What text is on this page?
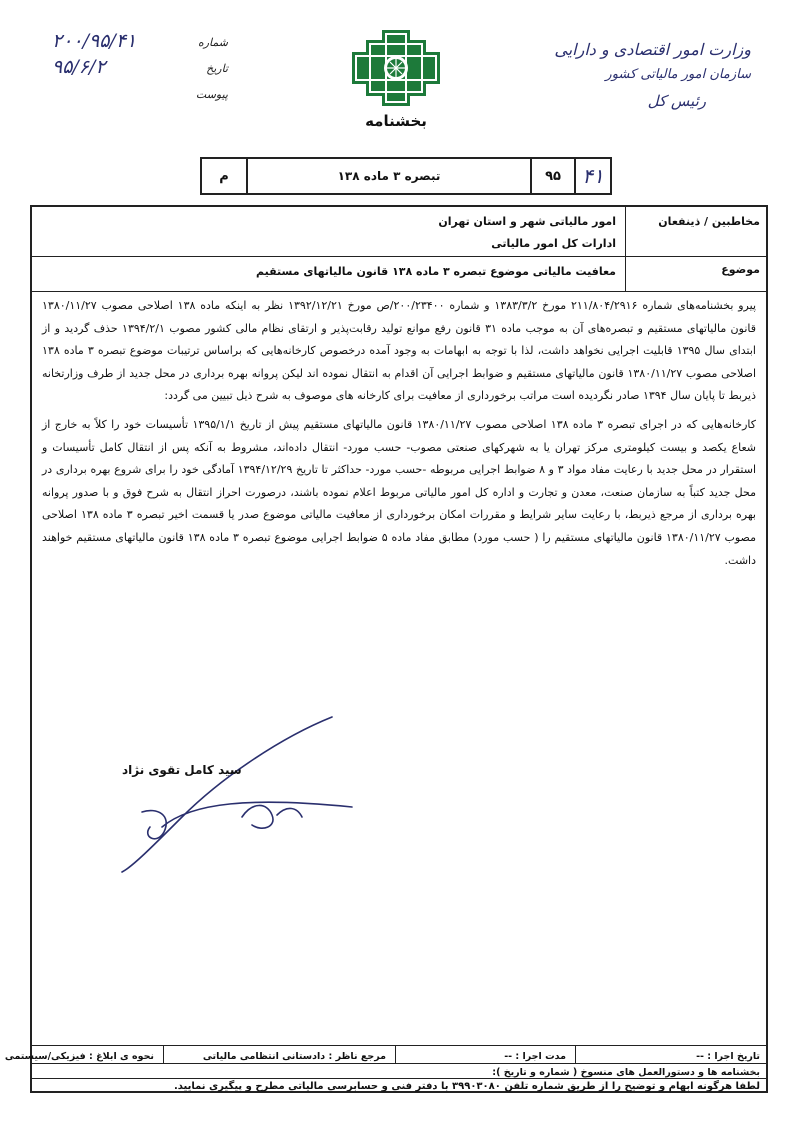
وزارت امور اقتصادی و دارایی
سازمان امور مالیاتی کشور
رئیس کل
بخشنامه
شماره
۲۰۰/۹۵/۴۱
تاریخ
۹۵/۶/۲
پیوست
۴۱
۹۵
تبصره ۳ ماده ۱۳۸
م
مخاطبین / ذینفعان
امور مالیاتی شهر و استان تهران
ادارات کل امور مالیاتی
موضوع
معافیت مالیاتی موضوع تبصره ۳ ماده ۱۳۸ قانون مالیاتهای مستقیم

پیرو بخشنامه‌های شماره ۲۱۱/۸۰۴/۲۹۱۶ مورخ ۱۳۸۳/۳/۲ و شماره ۲۰۰/۲۳۴۰۰/ص مورخ ۱۳۹۲/۱۲/۲۱ نظر به اینکه ماده ۱۳۸ اصلاحی مصوب ۱۳۸۰/۱۱/۲۷ قانون مالیاتهای مستقیم و تبصره‌های آن به موجب ماده ۳۱ قانون رفع موانع تولید رقابت‌پذیر و ارتقای نظام مالی کشور مصوب ۱۳۹۴/۲/۱ حذف گردید و از ابتدای سال ۱۳۹۵ قابلیت اجرایی نخواهد داشت، لذا با توجه به ابهامات به وجود آمده درخصوص کارخانه‌هایی که براساس ترتیبات موضوع تبصره ۳ ماده ۱۳۸ اصلاحی مصوب ۱۳۸۰/۱۱/۲۷ قانون مالیاتهای مستقیم و ضوابط اجرایی آن اقدام به انتقال نموده اند لیکن پروانه بهره برداری در محل جدید از طرف وزارتخانه ذیربط تا پایان سال ۱۳۹۴ صادر نگردیده است مراتب برخورداری از معافیت برای کارخانه های موصوف به شرح ذیل تبیین می گردد:

کارخانه‌هایی که در اجرای تبصره ۳ ماده ۱۳۸ اصلاحی مصوب ۱۳۸۰/۱۱/۲۷ قانون مالیاتهای مستقیم پیش از تاریخ ۱۳۹۵/۱/۱ تأسیسات خود را کلاً به خارج از شعاع یکصد و بیست کیلومتری مرکز تهران یا به شهرکهای صنعتی مصوب- حسب مورد- انتقال داده‌اند، مشروط به آنکه پس از انتقال کامل تأسیسات و استقرار در محل جدید با رعایت مفاد مواد ۳ و ۸ ضوابط اجرایی مربوطه -حسب مورد- حداکثر تا تاریخ ۱۳۹۴/۱۲/۲۹ آمادگی خود را برای شروع بهره برداری در محل جدید کتباً به سازمان صنعت، معدن و تجارت و اداره کل امور مالیاتی مربوط اعلام نموده باشند، درصورت احراز انتقال به شرح فوق و با صدور پروانه بهره برداری از مرجع ذیربط، با رعایت سایر شرایط و مقررات امکان برخورداری از معافیت مالیاتی موضوع صدر یا قسمت اخیر تبصره ۳ ماده ۱۳۸ اصلاحی مصوب ۱۳۸۰/۱۱/۲۷ قانون مالیاتهای مستقیم را ( حسب مورد) مطابق مفاد ماده ۵ ضوابط اجرایی موضوع تبصره ۳ ماده ۱۳۸ قانون مالیاتهای مستقیم خواهند داشت.

سید کامل تقوی نژاد
تاریخ اجرا : --
مدت اجرا : --
مرجع ناظر : دادستانی انتظامی مالیاتی
نحوه ی ابلاغ : فیزیکی/سیستمی
بخشنامه ها و دستورالعمل های منسوخ ( شماره و تاریخ ):
لطفا هرگونه ابهام و توضیح را از طریق شماره تلفن ۳۹۹۰۳۰۸۰ با دفتر فنی و حسابرسی مالیاتی مطرح و پیگیری نمایید.
